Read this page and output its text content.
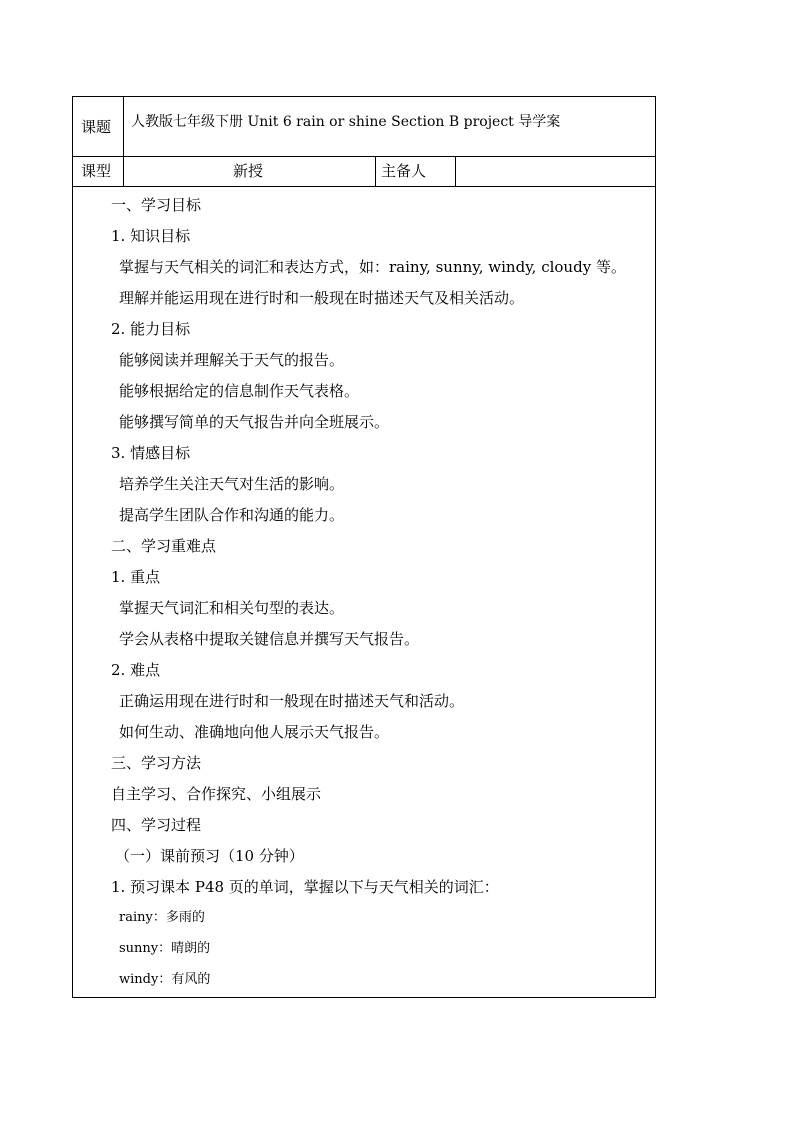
课题 人教版七年级下册 Unit 6 rain or shine Section B project 导学案
课型	新授	主备人
一、学习目标
1. 知识目标
掌握与天气相关的词汇和表达方式，如：rainy, sunny, windy, cloudy 等。
理解并能运用现在进行时和一般现在时描述天气及相关活动。
2. 能力目标
能够阅读并理解关于天气的报告。
能够根据给定的信息制作天气表格。
能够撰写简单的天气报告并向全班展示。
3. 情感目标
培养学生关注天气对生活的影响。
提高学生团队合作和沟通的能力。
二、学习重难点
1. 重点
掌握天气词汇和相关句型的表达。
学会从表格中提取关键信息并撰写天气报告。
2. 难点
正确运用现在进行时和一般现在时描述天气和活动。
如何生动、准确地向他人展示天气报告。
三、学习方法
自主学习、合作探究、小组展示
四、学习过程
（一）课前预习（10 分钟）
1. 预习课本 P48 页的单词，掌握以下与天气相关的词汇：
rainy：多雨的
sunny：晴朗的
windy：有风的
